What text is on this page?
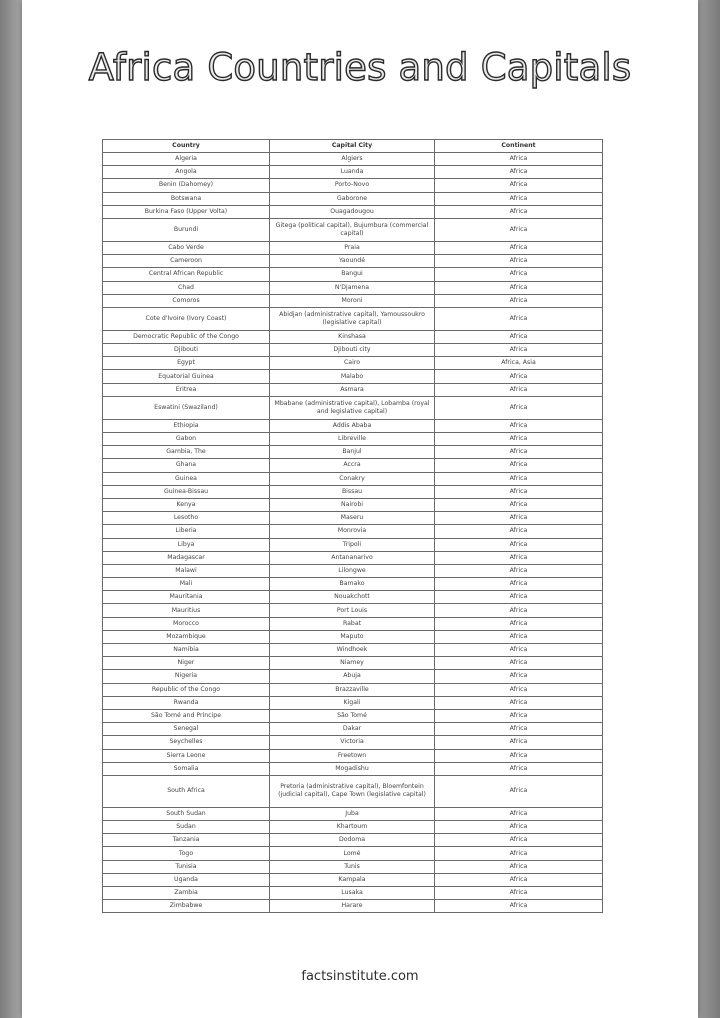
Africa Countries and Capitals
Country	Capital City	Continent
Algeria	Algiers	Africa
Angola	Luanda	Africa
Benin (Dahomey)	Porto-Novo	Africa
Botswana	Gaborone	Africa
Burkina Faso (Upper Volta)	Ouagadougou	Africa
Burundi	Gitega (political capital), Bujumbura (commercial capital)	Africa
Cabo Verde	Praia	Africa
Cameroon	Yaoundé	Africa
Central African Republic	Bangui	Africa
Chad	N'Djamena	Africa
Comoros	Moroni	Africa
Cote d'Ivoire (Ivory Coast)	Abidjan (administrative capital), Yamoussoukro (legislative capital)	Africa
Democratic Republic of the Congo	Kinshasa	Africa
Djibouti	Djibouti city	Africa
Egypt	Cairo	Africa, Asia
Equatorial Guinea	Malabo	Africa
Eritrea	Asmara	Africa
Eswatini (Swaziland)	Mbabane (administrative capital), Lobamba (royal and legislative capital)	Africa
Ethiopia	Addis Ababa	Africa
Gabon	Libreville	Africa
Gambia, The	Banjul	Africa
Ghana	Accra	Africa
Guinea	Conakry	Africa
Guinea-Bissau	Bissau	Africa
Kenya	Nairobi	Africa
Lesotho	Maseru	Africa
Liberia	Monrovia	Africa
Libya	Tripoli	Africa
Madagascar	Antananarivo	Africa
Malawi	Lilongwe	Africa
Mali	Bamako	Africa
Mauritania	Nouakchott	Africa
Mauritius	Port Louis	Africa
Morocco	Rabat	Africa
Mozambique	Maputo	Africa
Namibia	Windhoek	Africa
Niger	Niamey	Africa
Nigeria	Abuja	Africa
Republic of the Congo	Brazzaville	Africa
Rwanda	Kigali	Africa
São Tomé and Príncipe	São Tomé	Africa
Senegal	Dakar	Africa
Seychelles	Victoria	Africa
Sierra Leone	Freetown	Africa
Somalia	Mogadishu	Africa
South Africa	Pretoria (administrative capital), Bloemfontein (judicial capital), Cape Town (legislative capital)	Africa
South Sudan	Juba	Africa
Sudan	Khartoum	Africa
Tanzania	Dodoma	Africa
Togo	Lomé	Africa
Tunisia	Tunis	Africa
Uganda	Kampala	Africa
Zambia	Lusaka	Africa
Zimbabwe	Harare	Africa
factsinstitute.com
